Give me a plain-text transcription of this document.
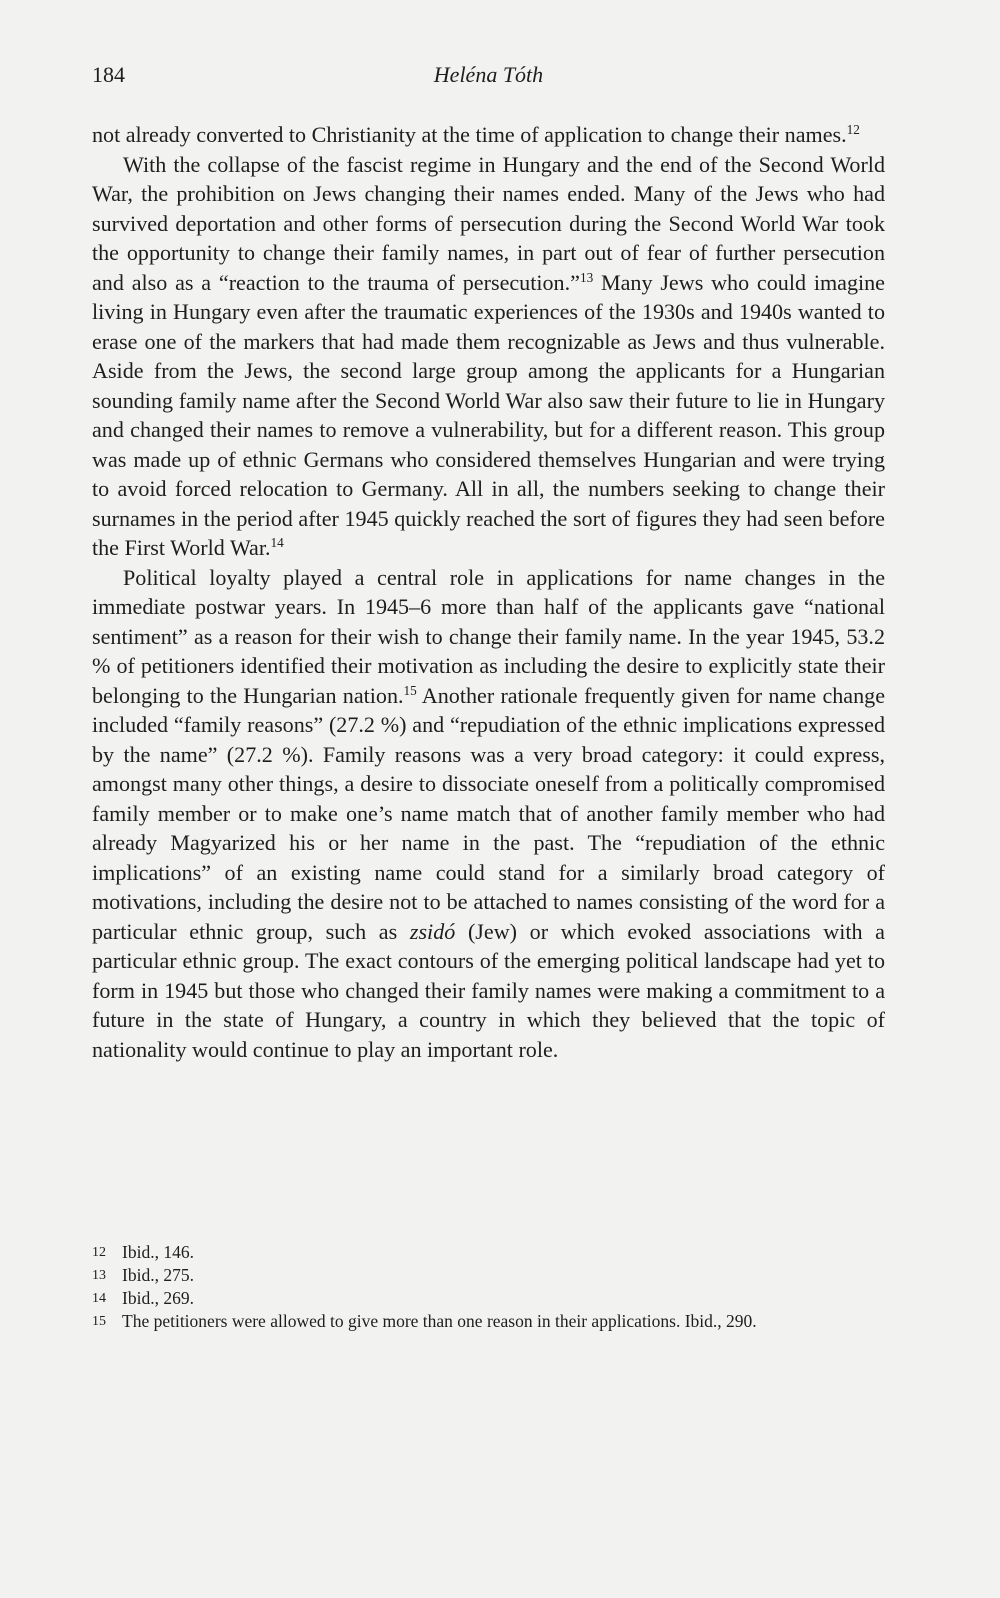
184	Heléna Tóth

not already converted to Christianity at the time of application to change their names.$^{12}$

With the collapse of the fascist regime in Hungary and the end of the Second World War, the prohibition on Jews changing their names ended. Many of the Jews who had survived deportation and other forms of persecution during the Second World War took the opportunity to change their family names, in part out of fear of further persecution and also as a “reaction to the trauma of persecution.”$^{13}$ Many Jews who could imagine living in Hungary even after the traumatic experiences of the 1930s and 1940s wanted to erase one of the markers that had made them recognizable as Jews and thus vulnerable. Aside from the Jews, the second large group among the applicants for a Hungarian sounding family name after the Second World War also saw their future to lie in Hungary and changed their names to remove a vulnerability, but for a different reason. This group was made up of ethnic Germans who considered themselves Hungarian and were trying to avoid forced relocation to Germany. All in all, the numbers seeking to change their surnames in the period after 1945 quickly reached the sort of figures they had seen before the First World War.$^{14}$

Political loyalty played a central role in applications for name changes in the immediate postwar years. In 1945–6 more than half of the applicants gave “national sentiment” as a reason for their wish to change their family name. In the year 1945, 53.2 % of petitioners identified their motivation as including the desire to explicitly state their belonging to the Hungarian nation.$^{15}$ Another rationale frequently given for name change included “family reasons” (27.2 %) and “repudiation of the ethnic implications expressed by the name” (27.2 %). Family reasons was a very broad category: it could express, amongst many other things, a desire to dissociate oneself from a politically compromised family member or to make one’s name match that of another family member who had already Magyarized his or her name in the past. The “repudiation of the ethnic implications” of an existing name could stand for a similarly broad category of motivations, including the desire not to be attached to names consisting of the word for a particular ethnic group, such as zsidó (Jew) or which evoked associations with a particular ethnic group. The exact contours of the emerging political landscape had yet to form in 1945 but those who changed their family names were making a commitment to a future in the state of Hungary, a country in which they believed that the topic of nationality would continue to play an important role.

12 Ibid., 146.
13 Ibid., 275.
14 Ibid., 269.
15 The petitioners were allowed to give more than one reason in their applications. Ibid., 290.
